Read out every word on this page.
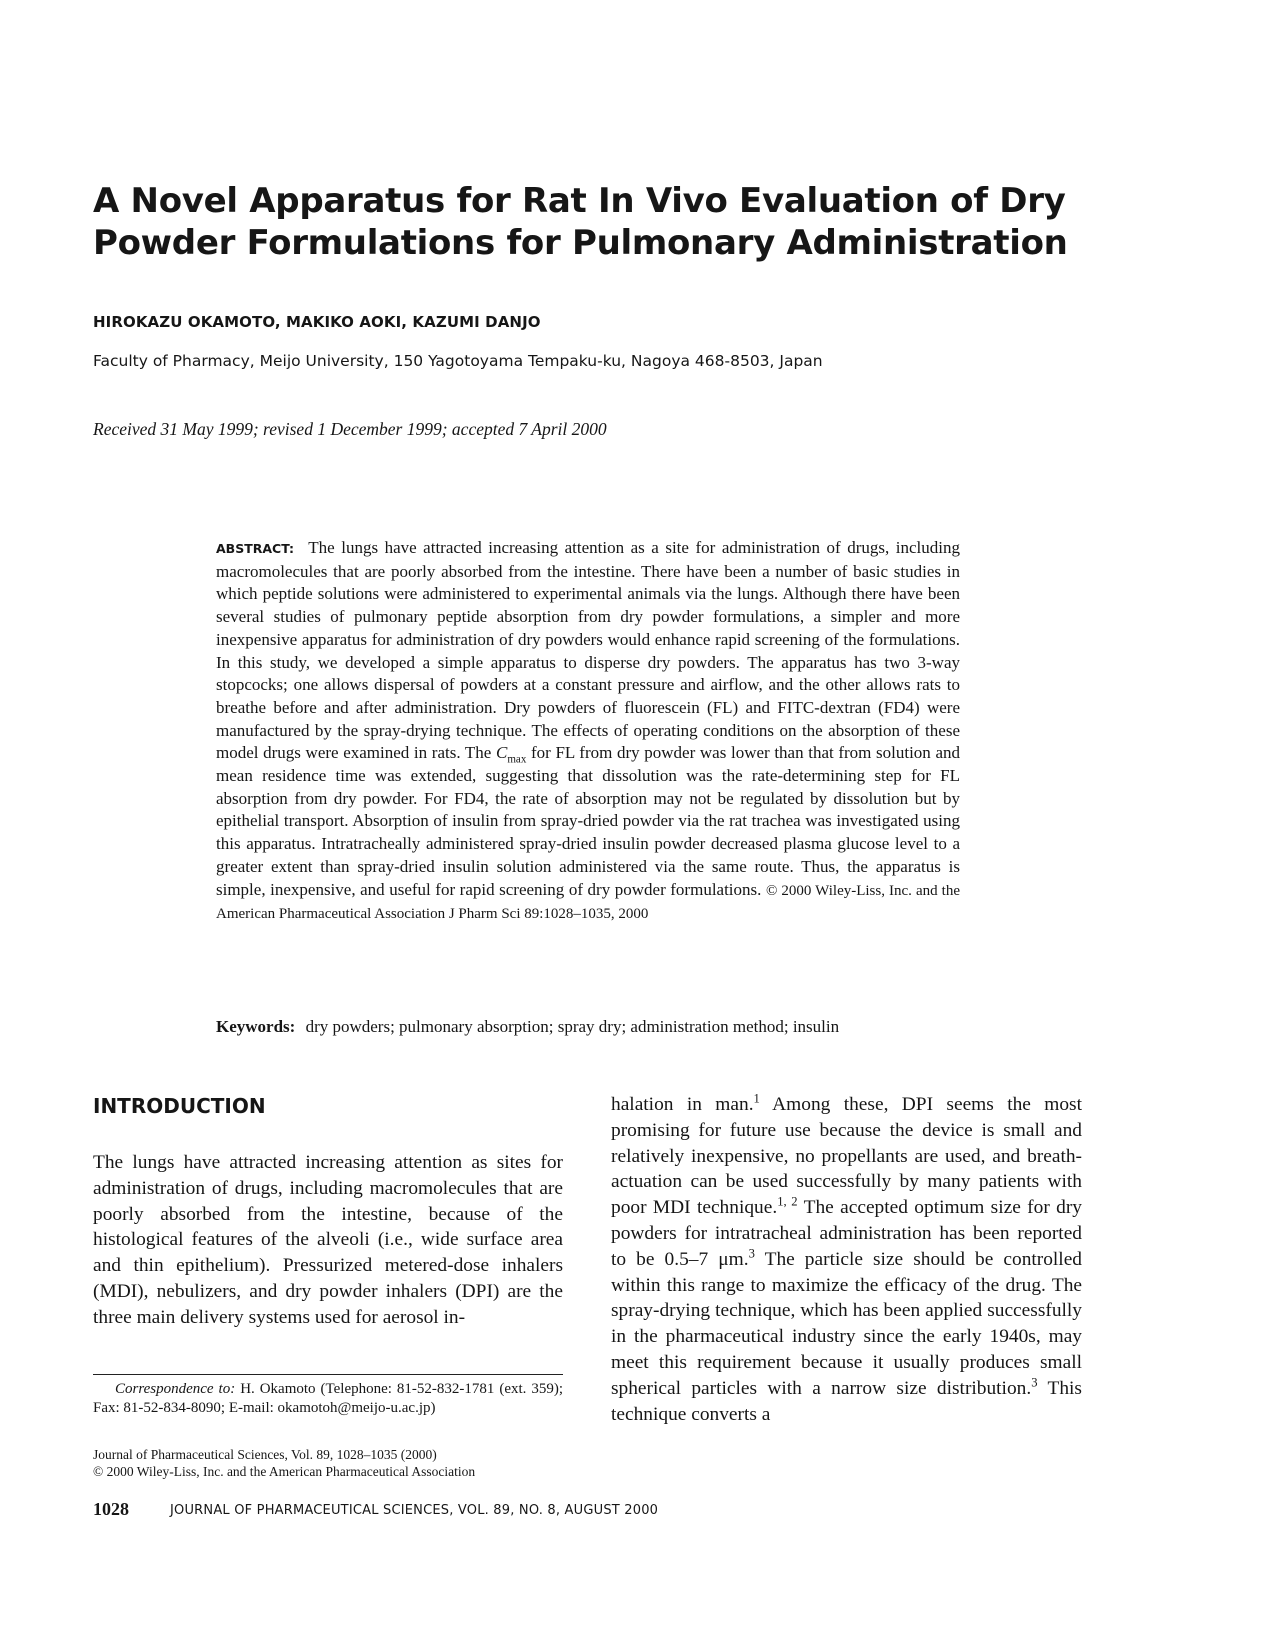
A Novel Apparatus for Rat In Vivo Evaluation of Dry
Powder Formulations for Pulmonary Administration
HIROKAZU OKAMOTO, MAKIKO AOKI, KAZUMI DANJO
Faculty of Pharmacy, Meijo University, 150 Yagotoyama Tempaku-ku, Nagoya 468-8503, Japan
Received 31 May 1999; revised 1 December 1999; accepted 7 April 2000
ABSTRACT: The lungs have attracted increasing attention as a site for administration of drugs, including macromolecules that are poorly absorbed from the intestine. There have been a number of basic studies in which peptide solutions were administered to experimental animals via the lungs. Although there have been several studies of pulmonary peptide absorption from dry powder formulations, a simpler and more inexpensive apparatus for administration of dry powders would enhance rapid screening of the formulations. In this study, we developed a simple apparatus to disperse dry powders. The apparatus has two 3-way stopcocks; one allows dispersal of powders at a constant pressure and airflow, and the other allows rats to breathe before and after administration. Dry powders of fluorescein (FL) and FITC-dextran (FD4) were manufactured by the spray-drying technique. The effects of operating conditions on the absorption of these model drugs were examined in rats. The $C_{max}$ for FL from dry powder was lower than that from solution and mean residence time was extended, suggesting that dissolution was the rate-determining step for FL absorption from dry powder. For FD4, the rate of absorption may not be regulated by dissolution but by epithelial transport. Absorption of insulin from spray-dried powder via the rat trachea was investigated using this apparatus. Intratracheally administered spray-dried insulin powder decreased plasma glucose level to a greater extent than spray-dried insulin solution administered via the same route. Thus, the apparatus is simple, inexpensive, and useful for rapid screening of dry powder formulations. © 2000 Wiley-Liss, Inc. and the American Pharmaceutical Association J Pharm Sci 89:1028–1035, 2000
Keywords: dry powders; pulmonary absorption; spray dry; administration method; insulin
INTRODUCTION
The lungs have attracted increasing attention as sites for administration of drugs, including macromolecules that are poorly absorbed from the intestine, because of the histological features of the alveoli (i.e., wide surface area and thin epithelium). Pressurized metered-dose inhalers (MDI), nebulizers, and dry powder inhalers (DPI) are the three main delivery systems used for aerosol in-
halation in man.$^1$ Among these, DPI seems the most promising for future use because the device is small and relatively inexpensive, no propellants are used, and breath-actuation can be used successfully by many patients with poor MDI technique.$^{1, 2}$ The accepted optimum size for dry powders for intratracheal administration has been reported to be 0.5–7 μm.$^3$ The particle size should be controlled within this range to maximize the efficacy of the drug. The spray-drying technique, which has been applied successfully in the pharmaceutical industry since the early 1940s, may meet this requirement because it usually produces small spherical particles with a narrow size distribution.$^3$ This technique converts a
Correspondence to: H. Okamoto (Telephone: 81-52-832-1781 (ext. 359); Fax: 81-52-834-8090; E-mail: okamotoh@meijo-u.ac.jp)
Journal of Pharmaceutical Sciences, Vol. 89, 1028–1035 (2000)
© 2000 Wiley-Liss, Inc. and the American Pharmaceutical Association
1028	JOURNAL OF PHARMACEUTICAL SCIENCES, VOL. 89, NO. 8, AUGUST 2000
